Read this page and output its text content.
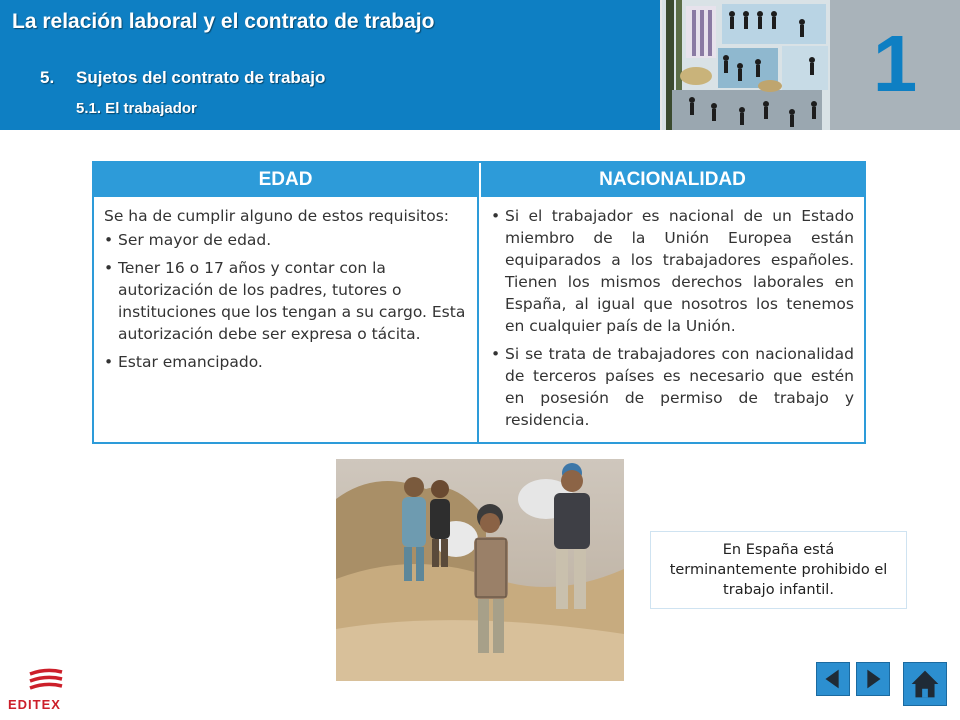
La relación laboral y el contrato de trabajo
5. Sujetos del contrato de trabajo
5.1. El trabajador
1
EDAD

Se ha de cumplir alguno de estos requisitos:

• Ser mayor de edad.
• Tener 16 o 17 años y contar con la autorización de los padres, tutores o instituciones que los tengan a su cargo. Esta autorización debe ser expresa o tácita.
• Estar emancipado.
NACIONALIDAD
• Si el trabajador es nacional de un Estado miembro de la Unión Europea están equiparados a los trabajadores españoles. Tienen los mismos derechos laborales en España, al igual que nosotros los tenemos en cualquier país de la Unión.
• Si se trata de trabajadores con nacionalidad de terceros países es necesario que estén en posesión de permiso de trabajo y residencia.
En España está terminantemente prohibido el trabajo infantil.
EDITEX
